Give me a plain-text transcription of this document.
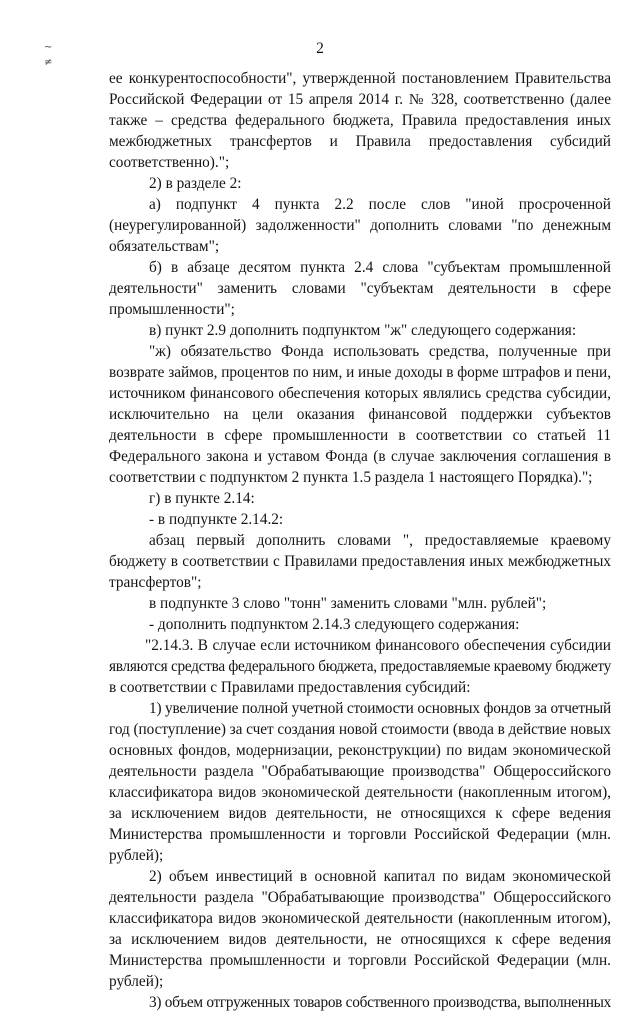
~
≠
2
ее конкурентоспособности", утвержденной постановлением Правительства
Российской Федерации от 15 апреля 2014 г. № 328, соответственно (далее
также – средства федерального бюджета, Правила предоставления иных
межбюджетных трансфертов и Правила предоставления субсидий
соответственно).";
2) в разделе 2:
а) подпункт 4 пункта 2.2 после слов "иной просроченной
(неурегулированной) задолженности" дополнить словами "по денежным
обязательствам";
б) в абзаце десятом пункта 2.4 слова "субъектам промышленной
деятельности" заменить словами "субъектам деятельности в сфере
промышленности";
в) пункт 2.9 дополнить подпунктом "ж" следующего содержания:
"ж) обязательство Фонда использовать средства, полученные при
возврате займов, процентов по ним, и иные доходы в форме штрафов и пени,
источником финансового обеспечения которых являлись средства субсидии,
исключительно на цели оказания финансовой поддержки субъектов
деятельности в сфере промышленности в соответствии со статьей 11
Федерального закона и уставом Фонда (в случае заключения соглашения в
соответствии с подпунктом 2 пункта 1.5 раздела 1 настоящего Порядка).";
г) в пункте 2.14:
- в подпункте 2.14.2:
абзац первый дополнить словами ", предоставляемые краевому
бюджету в соответствии с Правилами предоставления иных межбюджетных
трансфертов";
в подпункте 3 слово "тонн" заменить словами "млн. рублей";
- дополнить подпунктом 2.14.3 следующего содержания:
"2.14.3. В случае если источником финансового обеспечения субсидии
являются средства федерального бюджета, предоставляемые краевому бюджету
в соответствии с Правилами предоставления субсидий:
1) увеличение полной учетной стоимости основных фондов за отчетный
год (поступление) за счет создания новой стоимости (ввода в действие новых
основных фондов, модернизации, реконструкции) по видам экономической
деятельности раздела "Обрабатывающие производства" Общероссийского
классификатора видов экономической деятельности (накопленным итогом),
за исключением видов деятельности, не относящихся к сфере ведения
Министерства промышленности и торговли Российской Федерации (млн.
рублей);
2) объем инвестиций в основной капитал по видам экономической
деятельности раздела "Обрабатывающие производства" Общероссийского
классификатора видов экономической деятельности (накопленным итогом),
за исключением видов деятельности, не относящихся к сфере ведения
Министерства промышленности и торговли Российской Федерации (млн.
рублей);
3) объем отгруженных товаров собственного производства, выполненных
